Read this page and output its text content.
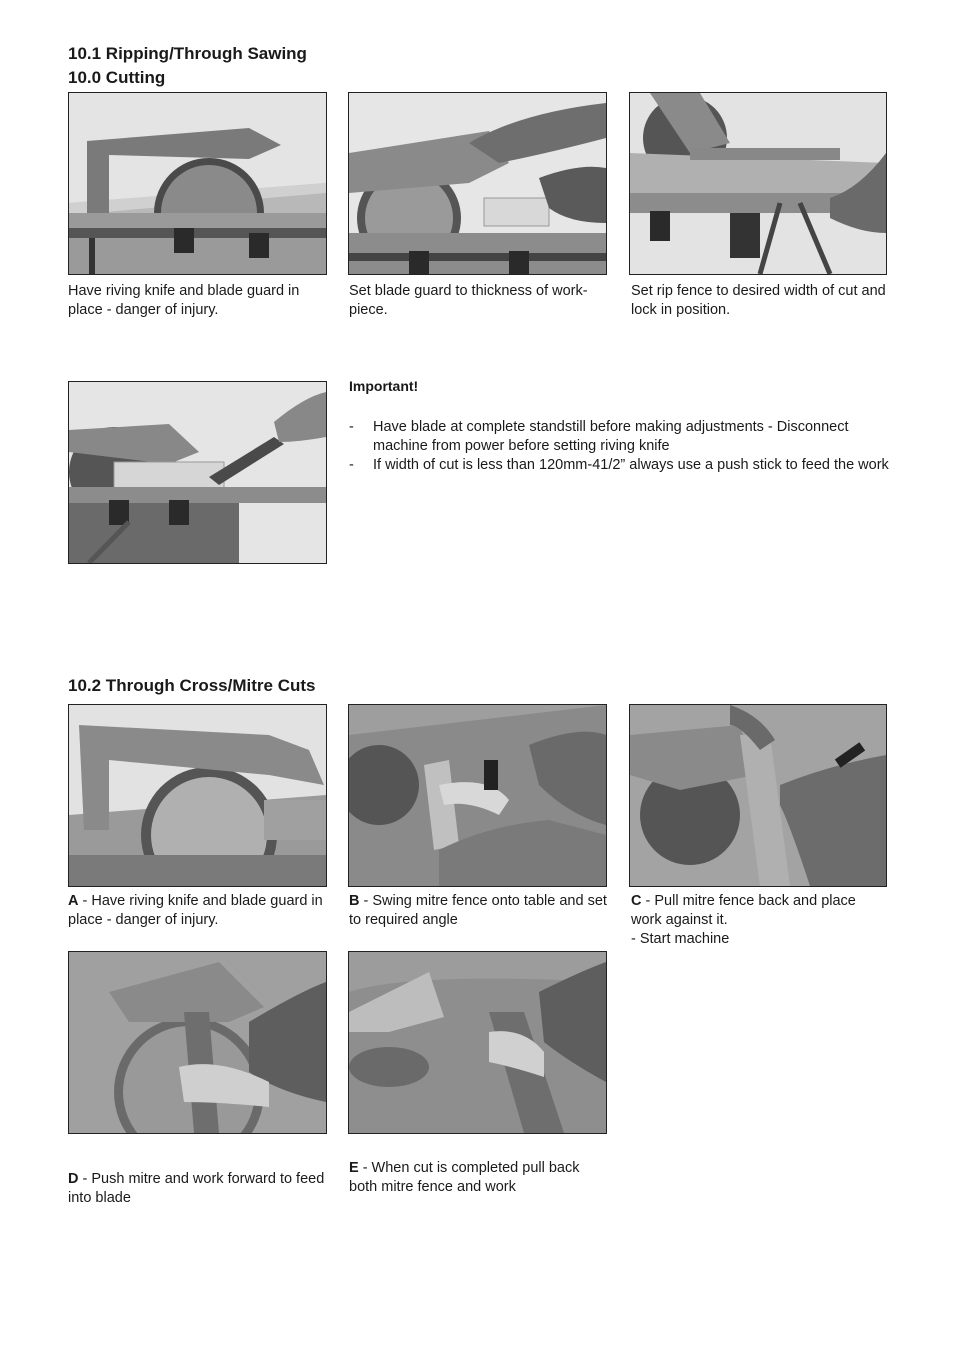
10.1 Ripping/Through Sawing
10.0 Cutting

Have riving knife and blade guard in place - danger of injury.

Set blade guard to thickness of work-piece.

Set rip fence to desired width of cut and lock in position.

Important!

- Have blade at complete standstill before making adjustments - Disconnect machine from power before setting riving knife
- If width of cut is less than 120mm-41/2” always use a push stick to feed the work
10.2 Through Cross/Mitre Cuts

A - Have riving knife and blade guard in place - danger of injury.

B - Swing mitre fence onto table and set to required angle

C - Pull mitre fence back and place work against it.
- Start machine

D - Push mitre and work forward to feed into blade

E - When cut is completed pull back both mitre fence and work
